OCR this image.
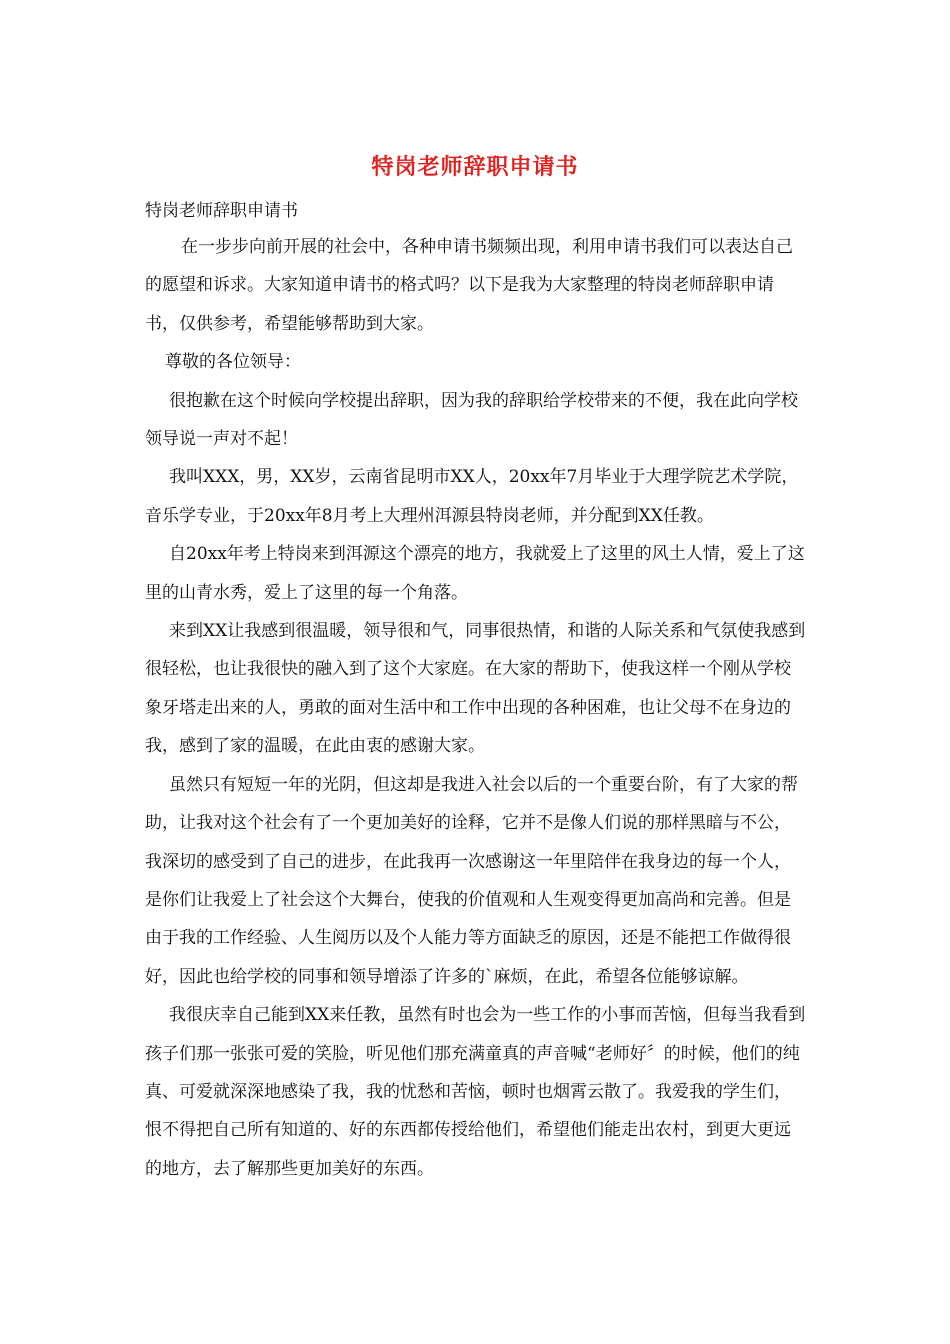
特岗老师辞职申请书
特岗老师辞职申请书

在一步步向前开展的社会中，各种申请书频频出现，利用申请书我们可以表达自己的愿望和诉求。大家知道申请书的格式吗？以下是我为大家整理的特岗老师辞职申请书，仅供参考，希望能够帮助到大家。

尊敬的各位领导：

很抱歉在这个时候向学校提出辞职，因为我的辞职给学校带来的不便，我在此向学校领导说一声对不起！

我叫XXX，男，XX岁，云南省昆明市XX人，20xx年7月毕业于大理学院艺术学院，音乐学专业，于20xx年8月考上大理州洱源县特岗老师，并分配到XX任教。

自20xx年考上特岗来到洱源这个漂亮的地方，我就爱上了这里的风土人情，爱上了这里的山青水秀，爱上了这里的每一个角落。

来到XX让我感到很温暖，领导很和气，同事很热情，和谐的人际关系和气氛使我感到很轻松，也让我很快的融入到了这个大家庭。在大家的帮助下，使我这样一个刚从学校象牙塔走出来的人，勇敢的面对生活中和工作中出现的各种困难，也让父母不在身边的我，感到了家的温暖，在此由衷的感谢大家。

虽然只有短短一年的光阴，但这却是我进入社会以后的一个重要台阶，有了大家的帮助，让我对这个社会有了一个更加美好的诠释，它并不是像人们说的那样黑暗与不公，我深切的感受到了自己的进步，在此我再一次感谢这一年里陪伴在我身边的每一个人，是你们让我爱上了社会这个大舞台，使我的价值观和人生观变得更加高尚和完善。但是由于我的工作经验、人生阅历以及个人能力等方面缺乏的原因，还是不能把工作做得很好，因此也给学校的同事和领导增添了许多的`麻烦，在此，希望各位能够谅解。

我很庆幸自己能到XX来任教，虽然有时也会为一些工作的小事而苦恼，但每当我看到孩子们那一张张可爱的笑脸，听见他们那充满童真的声音喊“老师好〞的时候，他们的纯真、可爱就深深地感染了我，我的忧愁和苦恼，顿时也烟霄云散了。我爱我的学生们，恨不得把自己所有知道的、好的东西都传授给他们，希望他们能走出农村，到更大更远的地方，去了解那些更加美好的东西。
